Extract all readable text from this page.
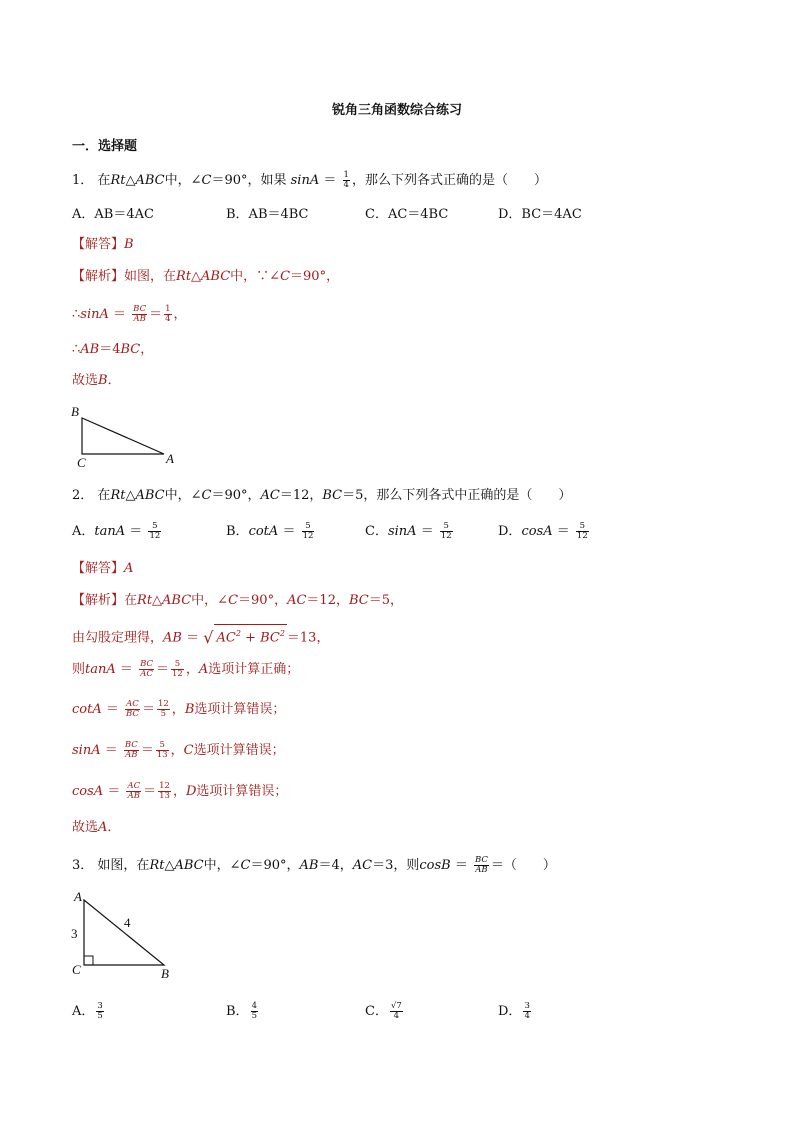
锐角三角函数综合练习
一．选择题
1． 在Rt△ABC中，∠C＝90°，如果 $\sin A = \frac{1}{4}$ ，那么下列各式正确的是（　　）
A．AB＝4AC	B．AB＝4BC	C．AC＝4BC	D．BC＝4AC
【解答】B
【解析】如图，在Rt△ABC中，∵∠C＝90°，
∴sinA ＝ $\frac{BC}{AB} = \frac{1}{4}$ ，
∴AB＝4BC，
故选B．
B
C	A
A
C	B
3
4
2． 在Rt△ABC中，∠C＝90°，AC＝12，BC＝5，那么下列各式中正确的是（　　）
A．$\tan A = \frac{5}{12}$	B．$\cot A = \frac{5}{12}$	C．$\sin A = \frac{5}{12}$	D．$\cos A = \frac{5}{12}$
【解答】A
【解析】在Rt△ABC中，∠C＝90°，AC＝12，BC＝5，
由勾股定理得，AB ＝ √ $AC^2 + BC^2 =13$，
则$\tan A = \frac{BC}{AC} = \frac{5}{12}$ ，A选项计算正确；
$\cot A = \frac{AC}{BC} = \frac{12}{5}$ ，B选项计算错误；
$\sin A = \frac{BC}{AB} = \frac{5}{13}$ ，C选项计算错误；
$\cos A = \frac{AC}{AB} = \frac{12}{13}$ ，D选项计算错误；
故选A．
3． 如图，在Rt△ABC中，∠C＝90°，AB＝4，AC＝3，则$\cos B = \frac{BC}{AB}$ ＝（　　）
A． $\frac{3}{5}$	B． $\frac{4}{5}$	C． $\frac{√7}{4}$	D． $\frac{3}{4}$
